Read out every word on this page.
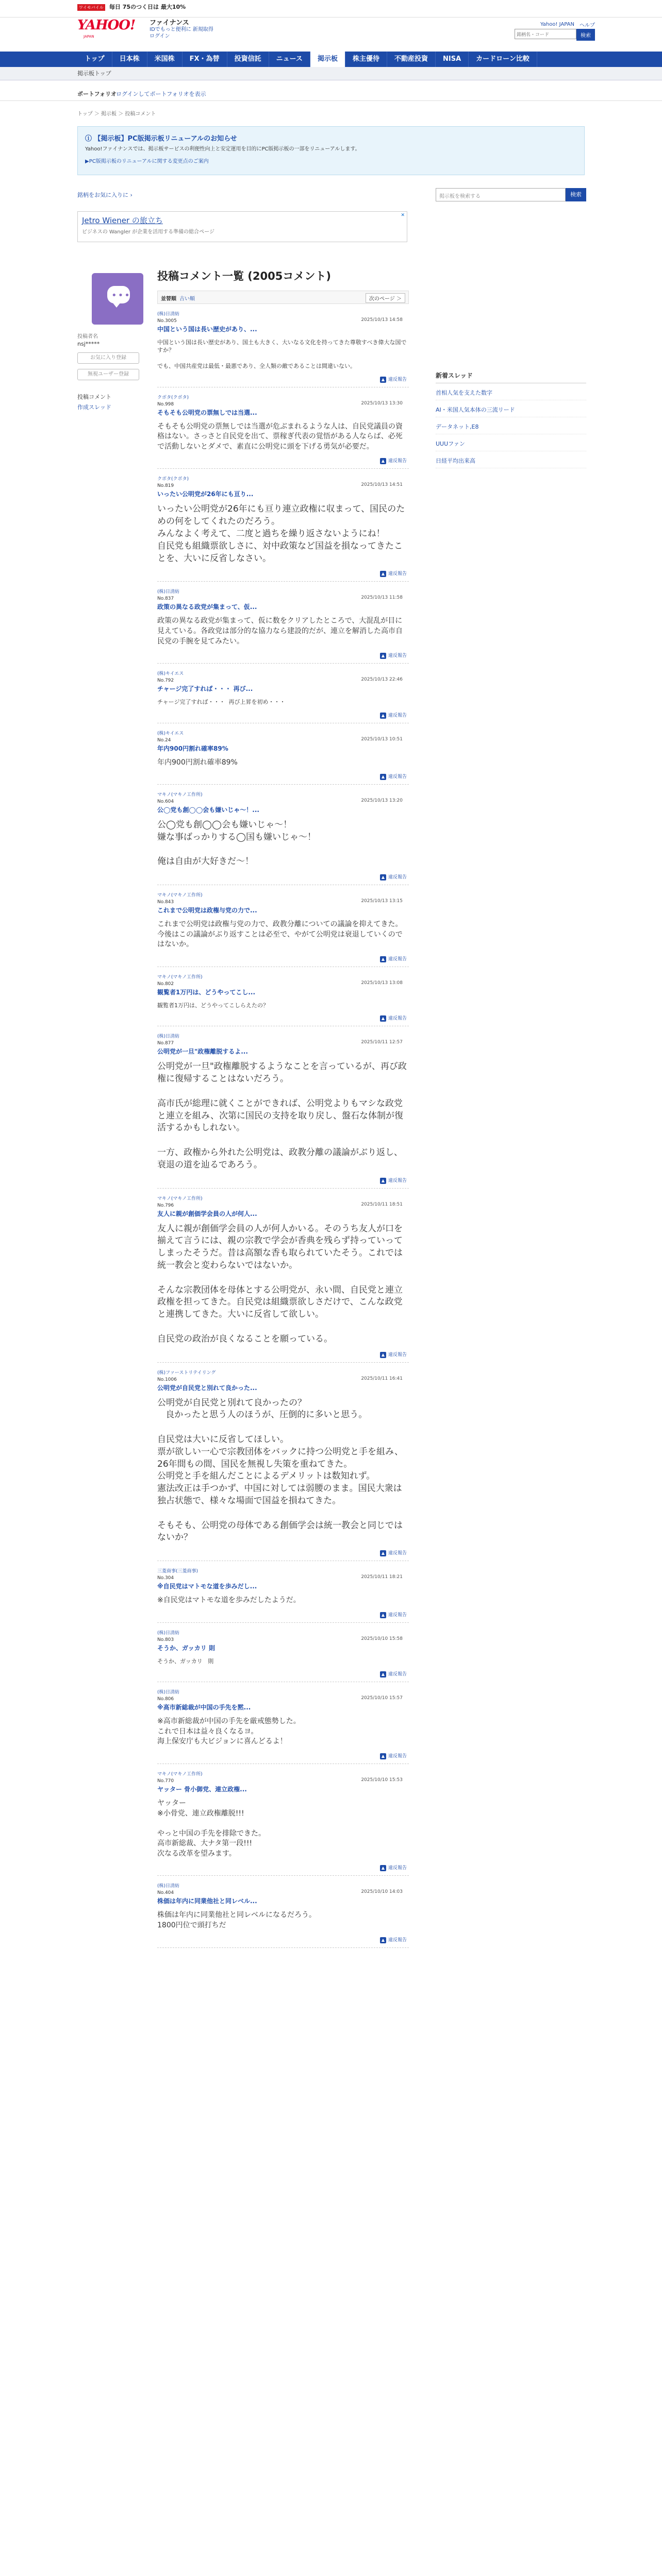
ワイモバイル 毎日 75のつく日は 最大10%
YAHOO!
JAPAN
ファイナンス
IDでもっと便利に 新規取得
ログイン
Yahoo! JAPAN ヘルプ
銘柄名・コード	検索
トップ	日本株	米国株	FX・為替	投資信託	ニュース	掲示板	株主優待	不動産投資	NISA	カードローン比較
掲示板トップ
ポートフォリオ
ログインしてポートフォリオを表示
トップ ＞ 掲示板 ＞ 投稿コメント
ⓘ 【掲示板】PC版掲示板リニューアルのお知らせ
Yahoo!ファイナンスでは、掲示板サービスの利便性向上と安定運用を目的にPC版掲示板の一部をリニューアルします。
▶PC版掲示板のリニューアルに関する変更点のご案内
銘柄をお気に入りに ›	掲示板を検索する	検索
Jetro Wiener の旅立ち
ビジネスの Wangler が企業を活用する準備の総合ページ
✕
•••
投稿者名
nsj*****
お気に入り登録
無視ユーザー登録
投稿コメント
作成スレッド
投稿コメント一覧 (2005コメント)
並替順 古い順	次のページ ＞
(株)日清紡
No.3005	2025/10/13 14:58
中国という国は長い歴史があり、...
中国という国は長い歴史があり、国土も大きく、大いなる文化を持ってきた尊敬すべき偉大な国ですか？

でも、中国共産党は最低・最悪であり、全人類の敵であることは間違いない。
▲ 違反報告
クボタ(クボタ)
No.998	2025/10/13 13:30
そもそも公明党の票無しでは当選...
そもそも公明党の票無しでは当選が危ぶまれるような人は、自民党議員の資格はない。さっさと自民党を出て、票稼ぎ代表の覚悟がある人ならば、必死で活動しないとダメで、素直に公明党に頭を下げる勇気が必要だ。
▲ 違反報告
クボタ(クボタ)
No.819	2025/10/13 14:51
いったい公明党が26年にも亘り...
いったい公明党が26年にも亘り連立政権に収まって、国民のための何をしてくれたのだろう。
みんなよく考えて、二度と過ちを繰り返さないようにね！
自民党も組織票欲しさに、対中政策など国益を損なってきたことを、大いに反省しなさい。
▲ 違反報告
(株)日清紡
No.837	2025/10/13 11:58
政策の異なる政党が集まって、仮...
政策の異なる政党が集まって、仮に数をクリアしたところで、大混乱が目に見えている。各政党は部分的な協力なら建設的だが、連立を解消した高市自民党の手腕を見てみたい。
▲ 違反報告
(株)キイエス
No.792	2025/10/13 22:46
チャージ完了すれば・・・ 再び...
チャージ完了すれば・・・  再び上昇を初め・・・
▲ 違反報告
(株)キイエス
No.24	2025/10/13 10:51
年内900円割れ確率89%
年内900円割れ確率89%
▲ 違反報告
マキノ(マキノ工作所)
No.604	2025/10/13 13:20
公◯党も創◯◯会も嫌いじゃ～！...
公◯党も創◯◯会も嫌いじゃ～！
嫌な事ばっかりする◯国も嫌いじゃ～！

俺は自由が大好きだ～！
▲ 違反報告
マキノ(マキノ工作所)
No.843	2025/10/13 13:15
これまで公明党は政権与党の力で...
これまで公明党は政権与党の力で、政教分離についての議論を抑えてきた。
今後はこの議論がぶり返すことは必至で、やがて公明党は衰退していくのではないか。
▲ 違反報告
マキノ(マキノ工作所)
No.802	2025/10/13 13:08
観覧者1万円は、どうやってこし...
観覧者1万円は、どうやってこしらえたの？
▲ 違反報告
(株)日清紡
No.877	2025/10/11 12:57
公明党が一旦"政権離脱するよ...
公明党が一旦"政権離脱するようなことを言っているが、再び政権に復帰することはないだろう。

高市氏が総理に就くことができれば、公明党よりもマシな政党と連立を組み、次第に国民の支持を取り戻し、盤石な体制が復活するかもしれない。

一方、政権から外れた公明党は、政教分離の議論がぶり返し、衰退の道を辿るであろう。
▲ 違反報告
マキノ(マキノ工作所)
No.796	2025/10/11 18:51
友人に親が創価学会員の人が何人...
友人に親が創価学会員の人が何人かいる。そのうち友人が口を揃えて言うには、親の宗教で学会が香典を残らず持っていってしまったそうだ。昔は高額な香も取られていたそう。これでは統一教会と変わらないではないか。

そんな宗教団体を母体とする公明党が、永い間、自民党と連立政権を担ってきた。自民党は組織票欲しさだけで、こんな政党と連携してきた。大いに反省して欲しい。

自民党の政治が良くなることを願っている。
▲ 違反報告
(株)ファーストリテイリング
No.1006	2025/10/11 16:41
公明党が自民党と別れて良かった...
公明党が自民党と別れて良かったの？
良かったと思う人のほうが、圧倒的に多いと思う。

自民党は大いに反省してほしい。
票が欲しい一心で宗教団体をバックに持つ公明党と手を組み、26年間もの間、国民を無視し失策を重ねてきた。
公明党と手を組んだことによるデメリットは数知れず。
憲法改正は手つかず、中国に対しては弱腰のまま。国民大衆は独占状態で、様々な場面で国益を損ねてきた。

そもそも、公明党の母体である創価学会は統一教会と同じではないか？
▲ 違反報告
三菱商事(三菱商事)
No.304	2025/10/11 18:21
※自民党はマトモな道を歩みだし...
※自民党はマトモな道を歩みだしたようだ。
▲ 違反報告
(株)日清紡
No.803	2025/10/10 15:58
そうか、ガッカリ 則
そうか、ガッカリ   則
▲ 違反報告
(株)日清紡
No.806	2025/10/10 15:57
※高市新総裁が中国の手先を黙...
※高市新総裁が中国の手先を厳戒態勢した。
これで日本は益々良くなるヨ。
海上保安庁も大ビジョンに喜んどるよ！
▲ 違反報告
マキノ(マキノ工作所)
No.770	2025/10/10 15:53
ヤッター 骨小御党、連立政権...
ヤッター
※小骨党、連立政権離脱!!!

やっと中国の手先を排除できた。
高市新総裁、大ナタ第一段!!!
次なる改革を望みます。
▲ 違反報告
(株)日清紡
No.404	2025/10/10 14:03
株価は年内に同業他社と同レベル...
株価は年内に同業他社と同レベルになるだろう。
1800円位で頭打ちだ
▲ 違反報告
新着スレッド
首相人気を支えた数字
AI・米国人気本体の三流リード
データネット,E8
UUUファン
日経平均出来高
